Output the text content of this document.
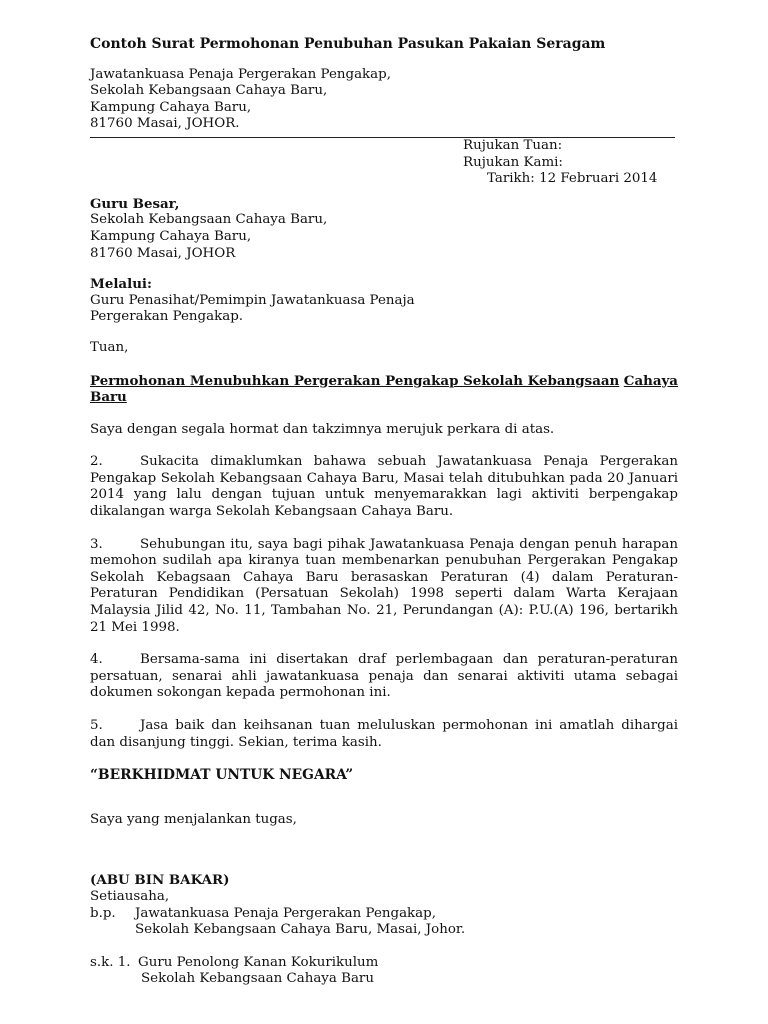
Contoh Surat Permohonan Penubuhan Pasukan Pakaian Seragam
Jawatankuasa Penaja Pergerakan Pengakap,
Sekolah Kebangsaan Cahaya Baru,
Kampung Cahaya Baru,
81760 Masai, JOHOR.
Rujukan Tuan:
Rujukan Kami:
Tarikh: 12 Februari 2014
Guru Besar,
Sekolah Kebangsaan Cahaya Baru,
Kampung Cahaya Baru,
81760 Masai, JOHOR
Melalui:
Guru Penasihat/Pemimpin Jawatankuasa Penaja
Pergerakan Pengakap.
Tuan,
Permohonan Menubuhkan Pergerakan Pengakap Sekolah Kebangsaan Cahaya
Baru
Saya dengan segala hormat dan takzimnya merujuk perkara di atas.
2.	Sukacita dimaklumkan bahawa sebuah Jawatankuasa Penaja Pergerakan Pengakap Sekolah Kebangsaan Cahaya Baru, Masai telah ditubuhkan pada 20 Januari 2014 yang lalu dengan tujuan untuk menyemarakkan lagi aktiviti berpengakap dikalangan warga Sekolah Kebangsaan Cahaya Baru.
3.	Sehubungan itu, saya bagi pihak Jawatankuasa Penaja dengan penuh harapan memohon sudilah apa kiranya tuan membenarkan penubuhan Pergerakan Pengakap Sekolah Kebagsaan Cahaya Baru berasaskan Peraturan (4) dalam Peraturan- Peraturan Pendidikan (Persatuan Sekolah) 1998 seperti dalam Warta Kerajaan Malaysia Jilid 42, No. 11, Tambahan No. 21, Perundangan (A): P.U.(A) 196, bertarikh 21 Mei 1998.
4.	Bersama-sama ini disertakan draf perlembagaan dan peraturan-peraturan persatuan, senarai ahli jawatankuasa penaja dan senarai aktiviti utama sebagai dokumen sokongan kepada permohonan ini.
5.	Jasa baik dan keihsanan tuan meluluskan permohonan ini amatlah dihargai dan disanjung tinggi. Sekian, terima kasih.
“BERKHIDMAT UNTUK NEGARA”
Saya yang menjalankan tugas,
(ABU BIN BAKAR)
Setiausaha,
b.p. Jawatankuasa Penaja Pergerakan Pengakap,
Sekolah Kebangsaan Cahaya Baru, Masai, Johor.
s.k. 1. Guru Penolong Kanan Kokurikulum
Sekolah Kebangsaan Cahaya Baru
